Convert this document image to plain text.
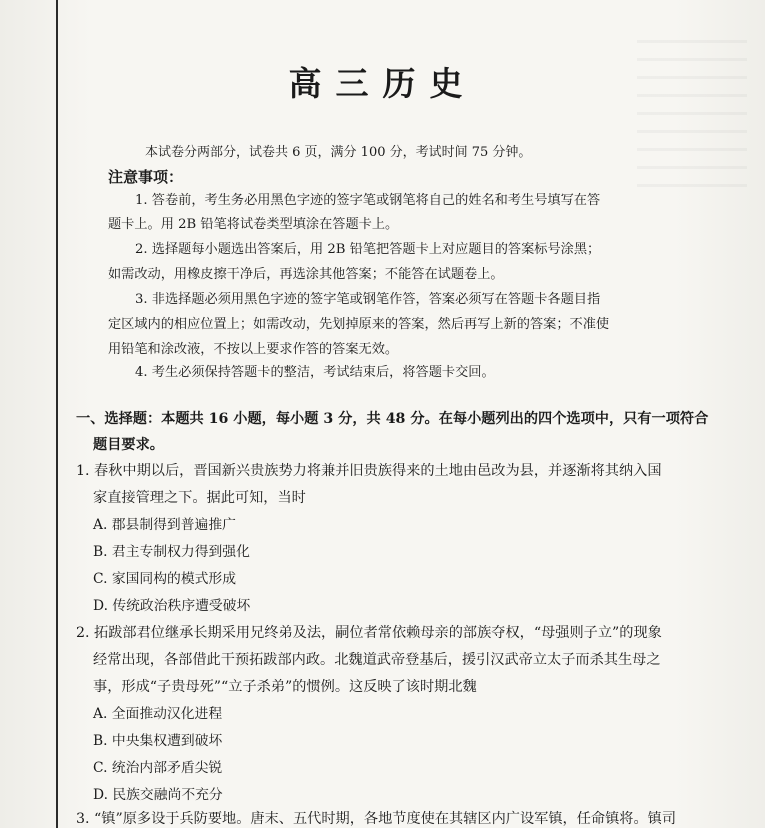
高三历史
本试卷分两部分，试卷共 6 页，满分 100 分，考试时间 75 分钟。
注意事项：
1. 答卷前，考生务必用黑色字迹的签字笔或钢笔将自己的姓名和考生号填写在答
题卡上。用 2B 铅笔将试卷类型填涂在答题卡上。
2. 选择题每小题选出答案后，用 2B 铅笔把答题卡上对应题目的答案标号涂黑；
如需改动，用橡皮擦干净后，再选涂其他答案；不能答在试题卷上。
3. 非选择题必须用黑色字迹的签字笔或钢笔作答，答案必须写在答题卡各题目指
定区域内的相应位置上；如需改动，先划掉原来的答案，然后再写上新的答案；不准使
用铅笔和涂改液，不按以上要求作答的答案无效。
4. 考生必须保持答题卡的整洁，考试结束后，将答题卡交回。
一、选择题：本题共 16 小题，每小题 3 分，共 48 分。在每小题列出的四个选项中，只有一项符合
题目要求。
1. 春秋中期以后，晋国新兴贵族势力将兼并旧贵族得来的土地由邑改为县，并逐渐将其纳入国
家直接管理之下。据此可知，当时
A. 郡县制得到普遍推广
B. 君主专制权力得到强化
C. 家国同构的模式形成
D. 传统政治秩序遭受破坏
2. 拓跋部君位继承长期采用兄终弟及法，嗣位者常依赖母亲的部族夺权，“母强则子立”的现象
经常出现，各部借此干预拓跋部内政。北魏道武帝登基后，援引汉武帝立太子而杀其生母之
事，形成“子贵母死”“立子杀弟”的惯例。这反映了该时期北魏
A. 全面推动汉化进程
B. 中央集权遭到破坏
C. 统治内部矛盾尖锐
D. 民族交融尚不充分
3. “镇”原多设于兵防要地。唐末、五代时期，各地节度使在其辖区内广设军镇，任命镇将。镇司
